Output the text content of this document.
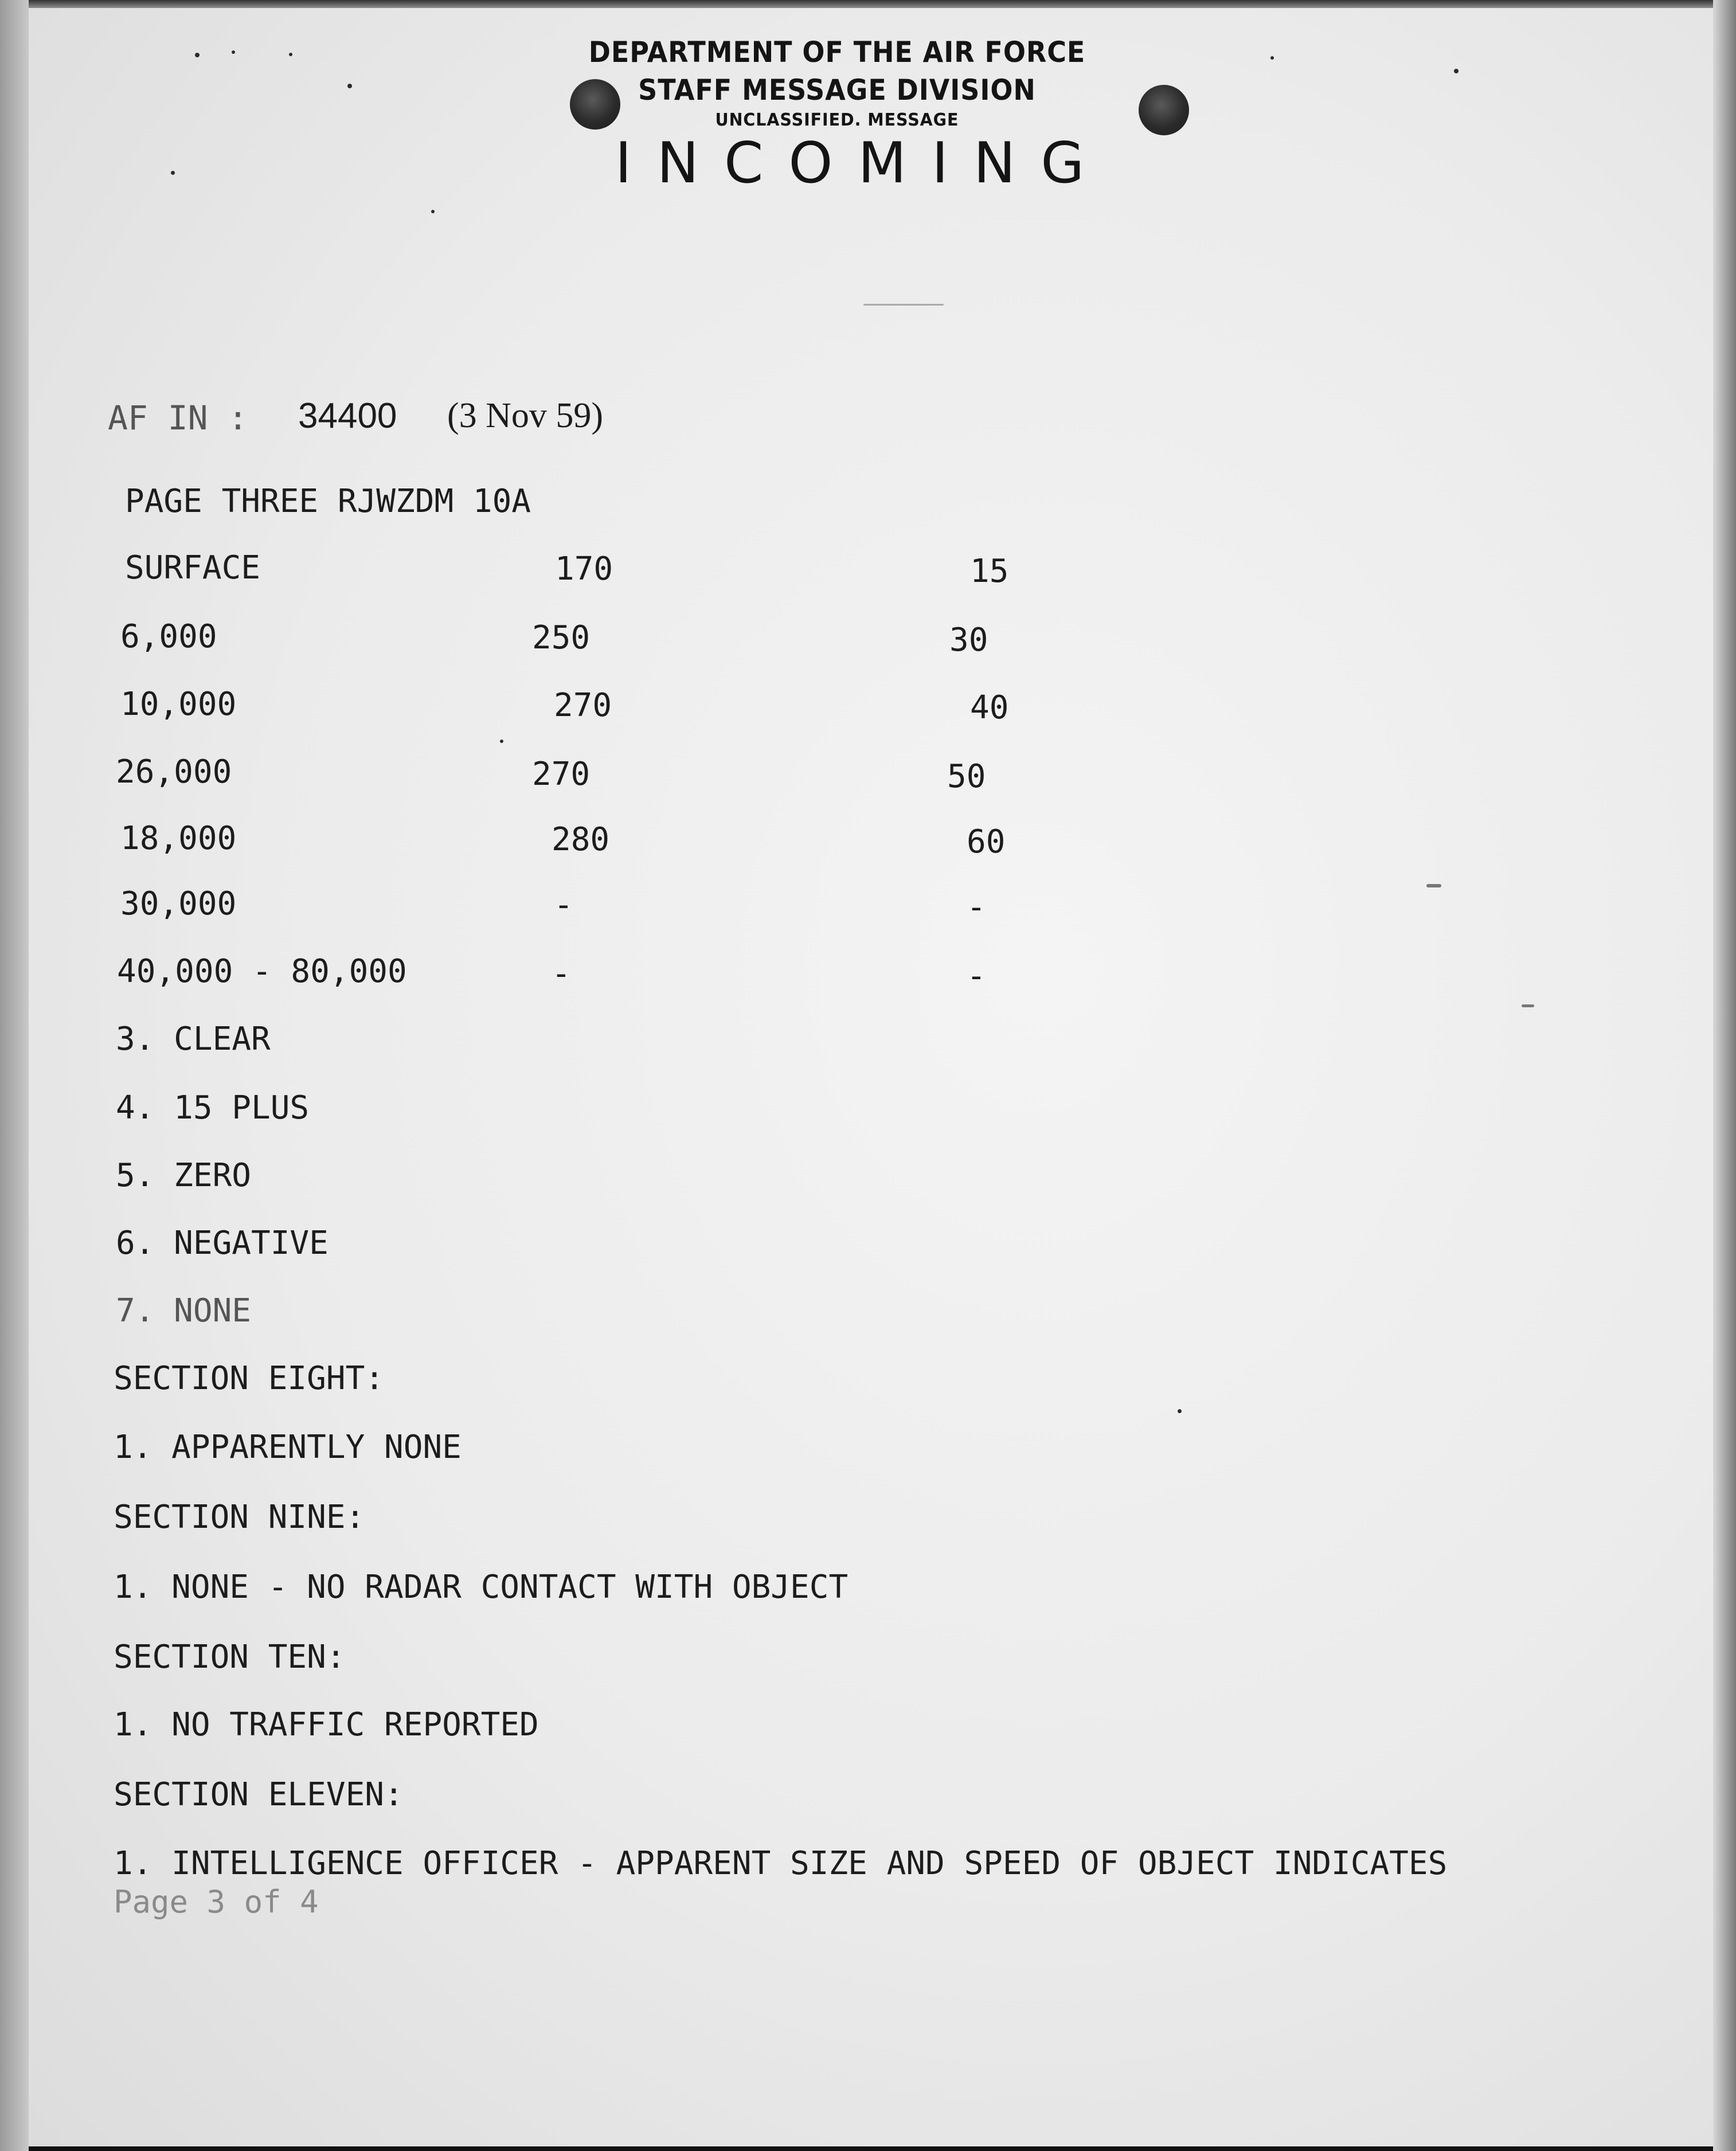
DEPARTMENT OF THE AIR FORCE
STAFF MESSAGE DIVISION
UNCLASSIFIED. MESSAGE
INCOMING
AF IN : 34400 (3 Nov 59)
PAGE THREE RJWZDM 10A
SURFACE	170	15
6,000	250	30
10,000	270	40
26,000	270	50
18,000	280	60
30,000	-	-
40,000 - 80,000	-	-
3. CLEAR
4. 15 PLUS
5. ZERO
6. NEGATIVE
7. NONE
SECTION EIGHT:
1. APPARENTLY NONE
SECTION NINE:
1. NONE - NO RADAR CONTACT WITH OBJECT
SECTION TEN:
1. NO TRAFFIC REPORTED
SECTION ELEVEN:
1. INTELLIGENCE OFFICER - APPARENT SIZE AND SPEED OF OBJECT INDICATES
Page 3 of 4
